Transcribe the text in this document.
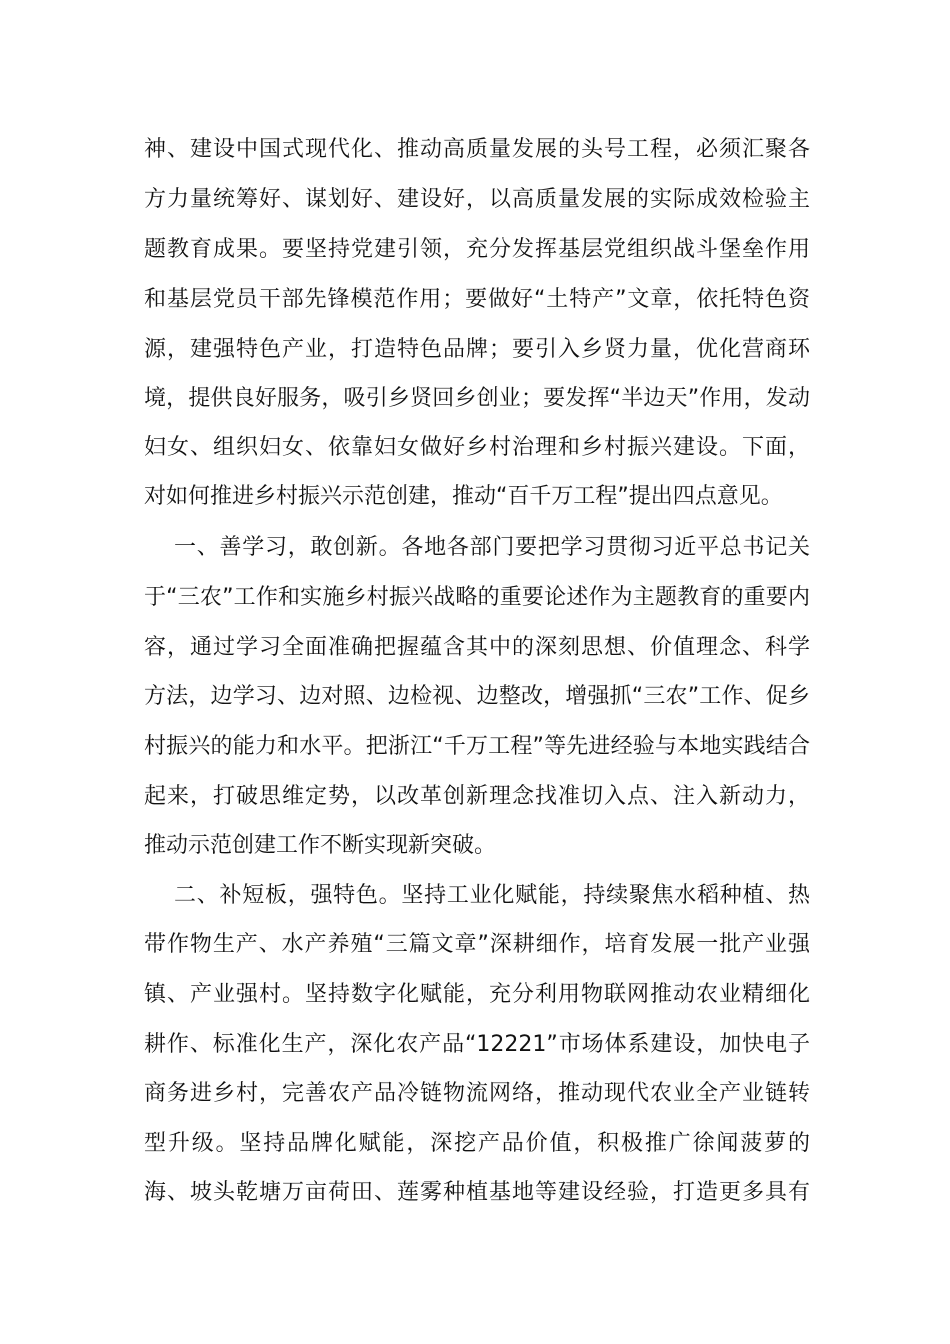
神、建设中国式现代化、推动高质量发展的头号工程，必须汇聚各

方力量统筹好、谋划好、建设好，以高质量发展的实际成效检验主

题教育成果。要坚持党建引领，充分发挥基层党组织战斗堡垒作用

和基层党员干部先锋模范作用；要做好“土特产”文章，依托特色资

源，建强特色产业，打造特色品牌；要引入乡贤力量，优化营商环

境，提供良好服务，吸引乡贤回乡创业；要发挥“半边天”作用，发动

妇女、组织妇女、依靠妇女做好乡村治理和乡村振兴建设。下面，

对如何推进乡村振兴示范创建，推动“百千万工程”提出四点意见。

一、善学习，敢创新。各地各部门要把学习贯彻习近平总书记关

于“三农”工作和实施乡村振兴战略的重要论述作为主题教育的重要内

容，通过学习全面准确把握蕴含其中的深刻思想、价值理念、科学

方法，边学习、边对照、边检视、边整改，增强抓“三农”工作、促乡

村振兴的能力和水平。把浙江“千万工程”等先进经验与本地实践结合

起来，打破思维定势，以改革创新理念找准切入点、注入新动力，

推动示范创建工作不断实现新突破。

二、补短板，强特色。坚持工业化赋能，持续聚焦水稻种植、热

带作物生产、水产养殖“三篇文章”深耕细作，培育发展一批产业强

镇、产业强村。坚持数字化赋能，充分利用物联网推动农业精细化

耕作、标准化生产，深化农产品“12221”市场体系建设，加快电子

商务进乡村，完善农产品冷链物流网络，推动现代农业全产业链转

型升级。坚持品牌化赋能，深挖产品价值，积极推广徐闻菠萝的

海、坡头乾塘万亩荷田、莲雾种植基地等建设经验，打造更多具有
